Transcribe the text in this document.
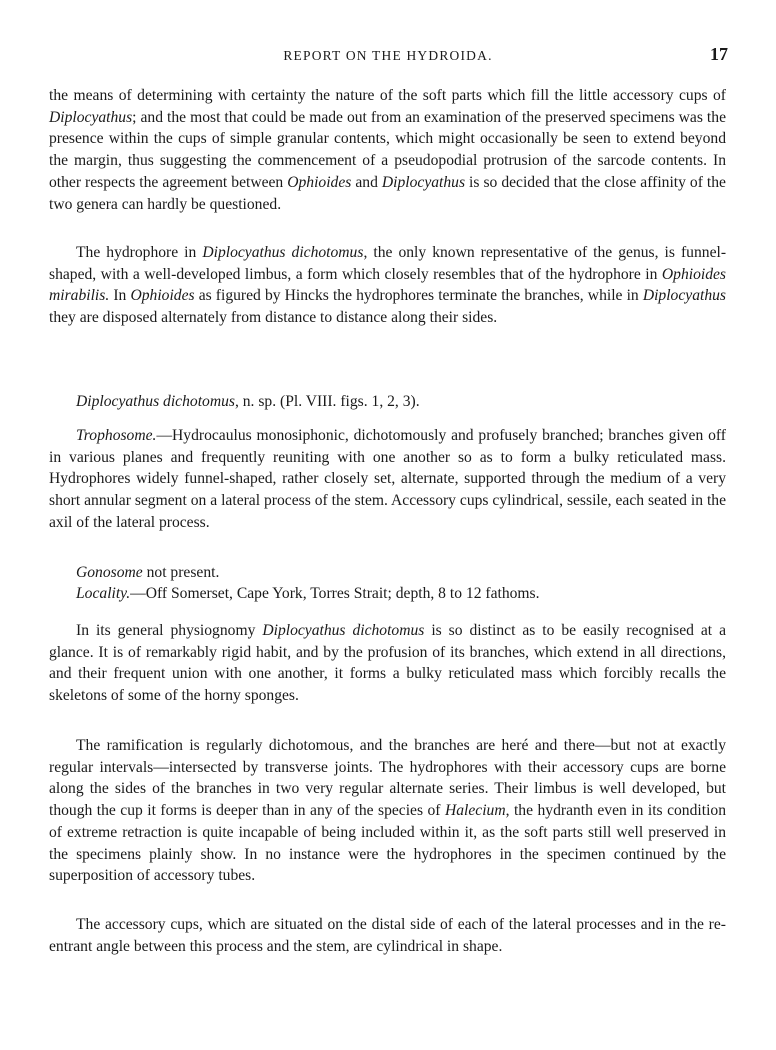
REPORT ON THE HYDROIDA.	17
the means of determining with certainty the nature of the soft parts which fill the little accessory cups of Diplocyathus; and the most that could be made out from an examination of the preserved specimens was the presence within the cups of simple granular contents, which might occasionally be seen to extend beyond the margin, thus suggesting the commencement of a pseudopodial protrusion of the sarcode contents. In other respects the agreement between Ophioides and Diplocyathus is so decided that the close affinity of the two genera can hardly be questioned.
The hydrophore in Diplocyathus dichotomus, the only known representative of the genus, is funnel-shaped, with a well-developed limbus, a form which closely resembles that of the hydrophore in Ophioides mirabilis. In Ophioides as figured by Hincks the hydrophores terminate the branches, while in Diplocyathus they are disposed alternately from distance to distance along their sides.
Diplocyathus dichotomus, n. sp. (Pl. VIII. figs. 1, 2, 3).
Trophosome.—Hydrocaulus monosiphonic, dichotomously and profusely branched; branches given off in various planes and frequently reuniting with one another so as to form a bulky reticulated mass. Hydrophores widely funnel-shaped, rather closely set, alternate, supported through the medium of a very short annular segment on a lateral process of the stem. Accessory cups cylindrical, sessile, each seated in the axil of the lateral process.
Gonosome not present.
Locality.—Off Somerset, Cape York, Torres Strait; depth, 8 to 12 fathoms.
In its general physiognomy Diplocyathus dichotomus is so distinct as to be easily recognised at a glance. It is of remarkably rigid habit, and by the profusion of its branches, which extend in all directions, and their frequent union with one another, it forms a bulky reticulated mass which forcibly recalls the skeletons of some of the horny sponges.
The ramification is regularly dichotomous, and the branches are heré and there—but not at exactly regular intervals—intersected by transverse joints. The hydrophores with their accessory cups are borne along the sides of the branches in two very regular alternate series. Their limbus is well developed, but though the cup it forms is deeper than in any of the species of Halecium, the hydranth even in its condition of extreme retraction is quite incapable of being included within it, as the soft parts still well preserved in the specimens plainly show. In no instance were the hydrophores in the specimen continued by the superposition of accessory tubes.
The accessory cups, which are situated on the distal side of each of the lateral processes and in the re-entrant angle between this process and the stem, are cylindrical in shape.
